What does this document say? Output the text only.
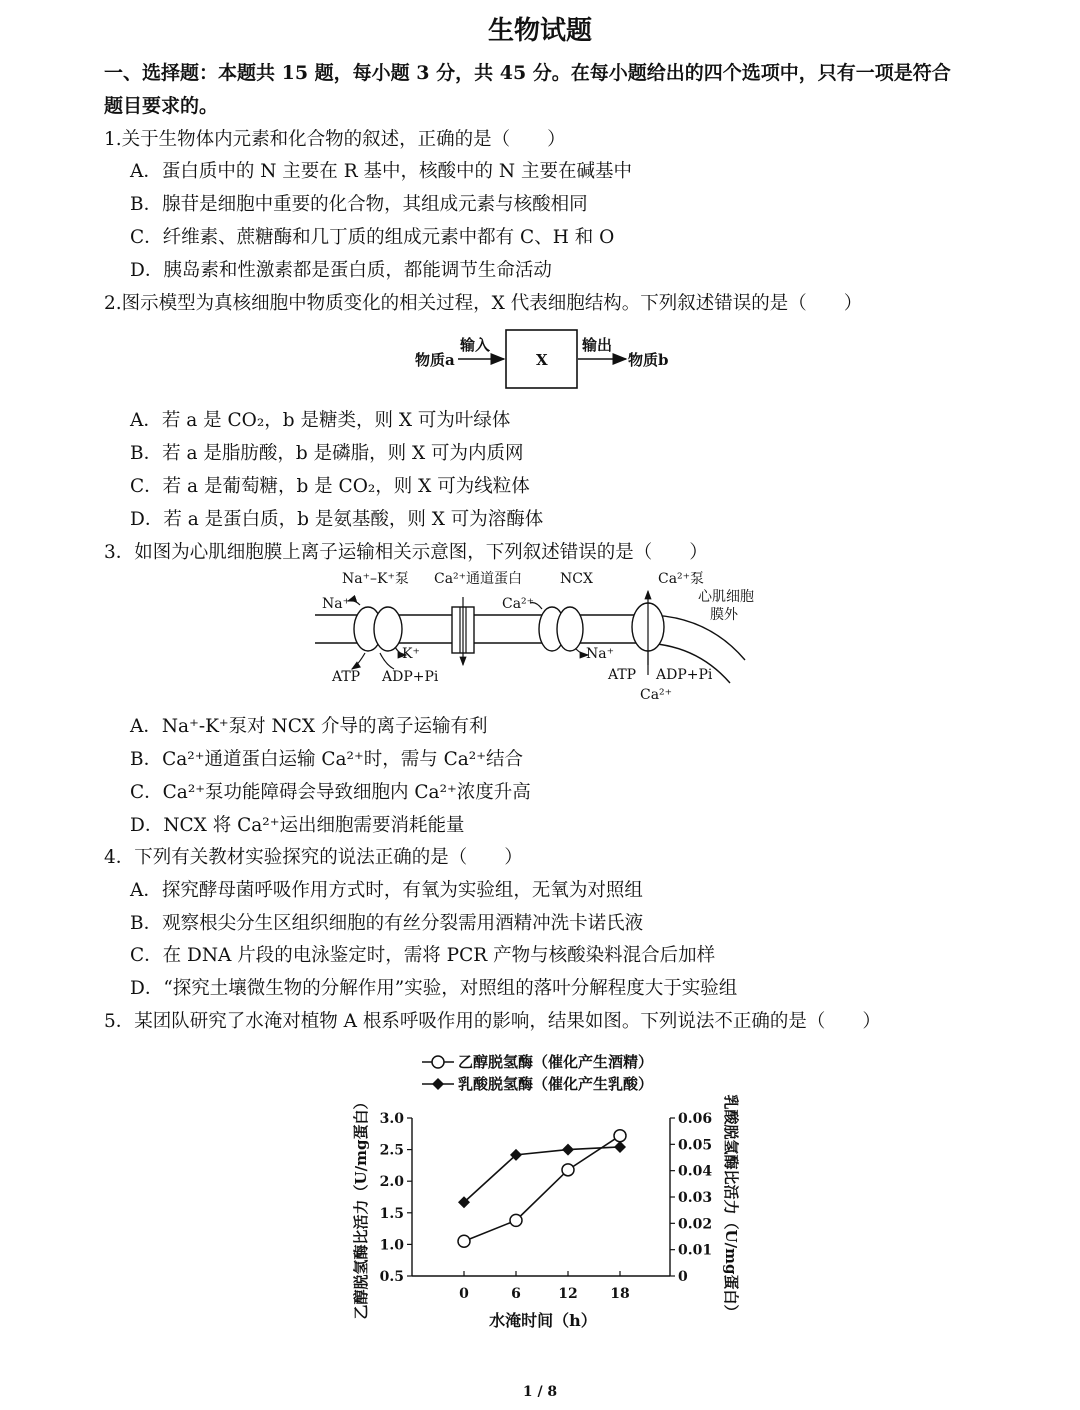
生物试题
一、选择题：本题共 15 题，每小题 3 分，共 45 分。在每小题给出的四个选项中，只有一项是符合
题目要求的。
1.关于生物体内元素和化合物的叙述，正确的是（　　）
A．蛋白质中的 N 主要在 R 基中，核酸中的 N 主要在碱基中
B．腺苷是细胞中重要的化合物，其组成元素与核酸相同
C．纤维素、蔗糖酶和几丁质的组成元素中都有 C、H 和 O
D．胰岛素和性激素都是蛋白质，都能调节生命活动
2.图示模型为真核细胞中物质变化的相关过程，X 代表细胞结构。下列叙述错误的是（　　）
物质a
输入
X
输出
物质b
A．若 a 是 CO₂，b 是糖类，则 X 可为叶绿体
B．若 a 是脂肪酸，b 是磷脂，则 X 可为内质网
C．若 a 是葡萄糖，b 是 CO₂，则 X 可为线粒体
D．若 a 是蛋白质，b 是氨基酸，则 X 可为溶酶体
3．如图为心肌细胞膜上离子运输相关示意图，下列叙述错误的是（　　）
Na⁺–K⁺泵
Na⁺
K⁺
ATP ADP+Pi
Ca²⁺通道蛋白	NCX
Ca²⁺
Na⁺
Ca²⁺泵
心肌细胞
膜外
ATP ADP+Pi
Ca²⁺
A．Na⁺-K⁺泵对 NCX 介导的离子运输有利
B．Ca²⁺通道蛋白运输 Ca²⁺时，需与 Ca²⁺结合
C．Ca²⁺泵功能障碍会导致细胞内 Ca²⁺浓度升高
D．NCX 将 Ca²⁺运出细胞需要消耗能量
4．下列有关教材实验探究的说法正确的是（　　）
A．探究酵母菌呼吸作用方式时，有氧为实验组，无氧为对照组
B．观察根尖分生区组织细胞的有丝分裂需用酒精冲洗卡诺氏液
C．在 DNA 片段的电泳鉴定时，需将 PCR 产物与核酸染料混合后加样
D．“探究土壤微生物的分解作用”实验，对照组的落叶分解程度大于实验组
5．某团队研究了水淹对植物 A 根系呼吸作用的影响，结果如图。下列说法不正确的是（　　）
3.0
2.5
2.0
1.5
1.0
0.5
0.06
0.05
0.04
0.03
0.02
0.01
0
0	6	12 18
水淹时间（h）
乙醇脱氢酶比活力（U/mg蛋白）	乳酸脱氢酶比活力（U/mg蛋白）
乙醇脱氢酶（催化产生酒精）
乳酸脱氢酶（催化产生乳酸）
1 / 8
